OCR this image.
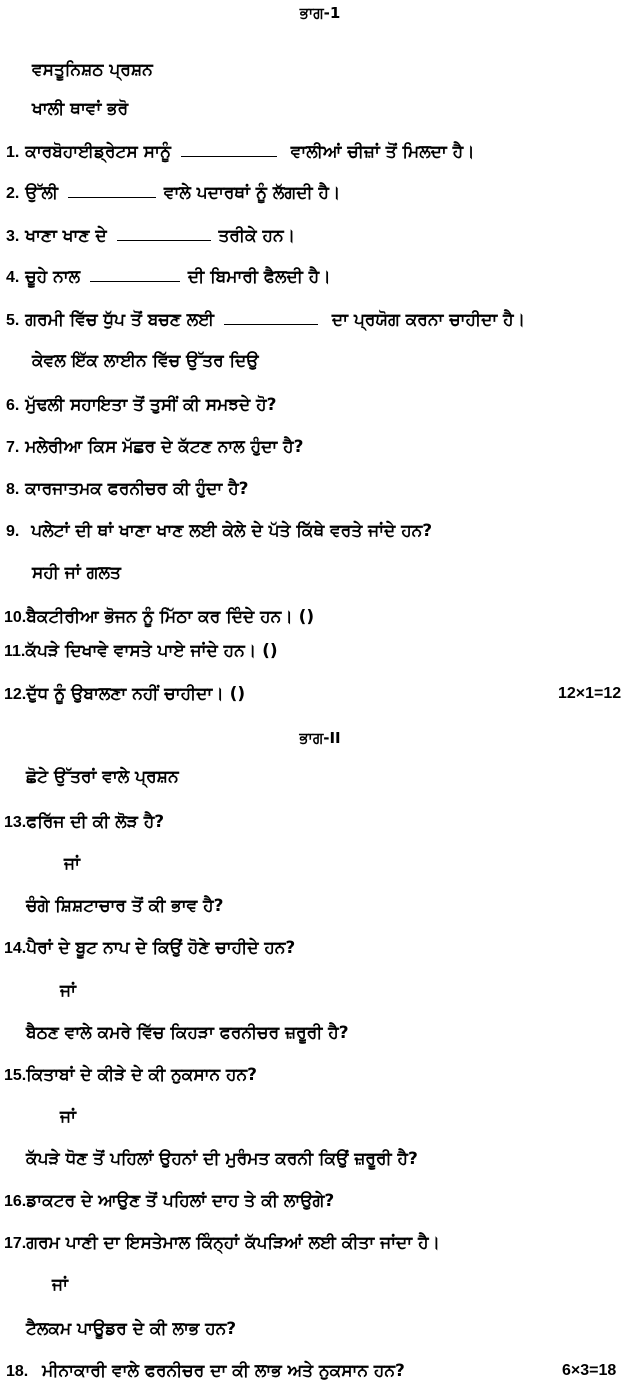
ਭਾਗ-1
ਵਸਤੂਨਿਸ਼ਠ ਪ੍ਰਸ਼ਨ
ਖਾਲੀ ਥਾਵਾਂ ਭਰੋ
1. ਕਾਰਬੋਹਾਈਡ੍ਰੇਟਸ ਸਾਨੂੰ	ਵਾਲੀਆਂ ਚੀਜ਼ਾਂ ਤੋਂ ਮਿਲਦਾ ਹੈ।
2. ਉੱਲੀ	ਵਾਲੇ ਪਦਾਰਥਾਂ ਨੂੰ ਲੱਗਦੀ ਹੈ।
3. ਖਾਣਾ ਖਾਣ ਦੇ	ਤਰੀਕੇ ਹਨ।
4. ਚੂਹੇ ਨਾਲ	ਦੀ ਬਿਮਾਰੀ ਫੈਲਦੀ ਹੈ।
5. ਗਰਮੀ ਵਿੱਚ ਧੁੱਪ ਤੋਂ ਬਚਣ ਲਈ	ਦਾ ਪ੍ਰਯੋਗ ਕਰਨਾ ਚਾਹੀਦਾ ਹੈ।
ਕੇਵਲ ਇੱਕ ਲਾਈਨ ਵਿੱਚ ਉੱਤਰ ਦਿਉ
6. ਮੁੱਢਲੀ ਸਹਾਇਤਾ ਤੋਂ ਤੁਸੀਂ ਕੀ ਸਮਝਦੇ ਹੋ?
7. ਮਲੇਰੀਆ ਕਿਸ ਮੱਛਰ ਦੇ ਕੱਟਣ ਨਾਲ ਹੁੰਦਾ ਹੈ?
8. ਕਾਰਜਾਤਮਕ ਫਰਨੀਚਰ ਕੀ ਹੁੰਦਾ ਹੈ?
9. ਪਲੇਟਾਂ ਦੀ ਥਾਂ ਖਾਣਾ ਖਾਣ ਲਈ ਕੇਲੇ ਦੇ ਪੱਤੇ ਕਿੱਥੇ ਵਰਤੇ ਜਾਂਦੇ ਹਨ?
ਸਹੀ ਜਾਂ ਗਲਤ
10.ਬੈਕਟੀਰੀਆ ਭੋਜਨ ਨੂੰ ਮਿੱਠਾ ਕਰ ਦਿੰਦੇ ਹਨ। ()
11.ਕੱਪੜੇ ਦਿਖਾਵੇ ਵਾਸਤੇ ਪਾਏ ਜਾਂਦੇ ਹਨ। ()
12.ਦੁੱਧ ਨੂੰ ਉਬਾਲਣਾ ਨਹੀਂ ਚਾਹੀਦਾ। ()	12×1=12
ਭਾਗ-II
ਛੋਟੇ ਉੱਤਰਾਂ ਵਾਲੇ ਪ੍ਰਸ਼ਨ
13.ਫਰਿੱਜ ਦੀ ਕੀ ਲੋੜ ਹੈ?
ਜਾਂ
ਚੰਗੇ ਸ਼ਿਸ਼ਟਾਚਾਰ ਤੋਂ ਕੀ ਭਾਵ ਹੈ?
14.ਪੈਰਾਂ ਦੇ ਬੂਟ ਨਾਪ ਦੇ ਕਿਉਂ ਹੋਣੇ ਚਾਹੀਦੇ ਹਨ?
ਜਾਂ
ਬੈਠਣ ਵਾਲੇ ਕਮਰੇ ਵਿੱਚ ਕਿਹੜਾ ਫਰਨੀਚਰ ਜ਼ਰੂਰੀ ਹੈ?
15.ਕਿਤਾਬਾਂ ਦੇ ਕੀੜੇ ਦੇ ਕੀ ਨੁਕਸਾਨ ਹਨ?
ਜਾਂ
ਕੱਪੜੇ ਧੋਣ ਤੋਂ ਪਹਿਲਾਂ ਉਹਨਾਂ ਦੀ ਮੁਰੰਮਤ ਕਰਨੀ ਕਿਉਂ ਜ਼ਰੂਰੀ ਹੈ?
16.ਡਾਕਟਰ ਦੇ ਆਉਣ ਤੋਂ ਪਹਿਲਾਂ ਦਾਹ ਤੇ ਕੀ ਲਾਉਗੇ?
17.ਗਰਮ ਪਾਣੀ ਦਾ ਇਸਤੇਮਾਲ ਕਿੰਨ੍ਹਾਂ ਕੱਪੜਿਆਂ ਲਈ ਕੀਤਾ ਜਾਂਦਾ ਹੈ।
ਜਾਂ
ਟੈਲਕਮ ਪਾਊਡਰ ਦੇ ਕੀ ਲਾਭ ਹਨ?
18. ਮੀਨਾਕਾਰੀ ਵਾਲੇ ਫਰਨੀਚਰ ਦਾ ਕੀ ਲਾਭ ਅਤੇ ਨੁਕਸਾਨ ਹਨ?	6×3=18
